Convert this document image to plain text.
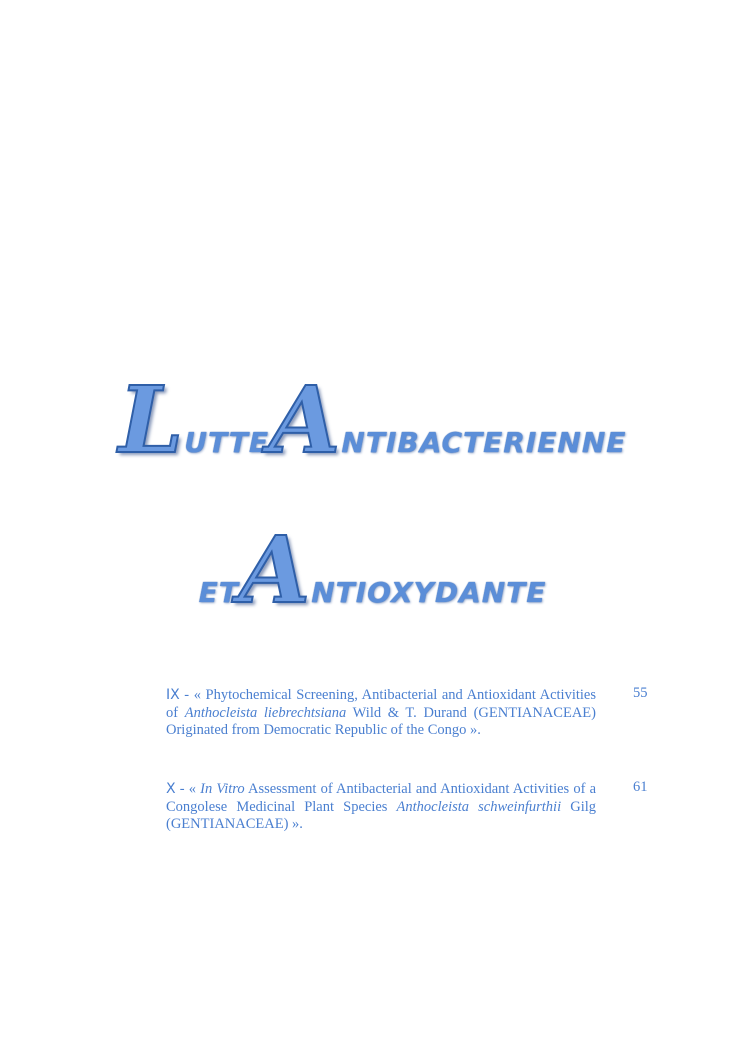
LUTTEANTIBACTERIENNE
ETANTIOXYDANTE
IX - « Phytochemical Screening, Antibacterial and Antioxidant Activities of Anthocleista liebrechtsiana Wild & T. Durand (GENTIANACEAE) Originated from Democratic Republic of the Congo ».
55
X - « In Vitro Assessment of Antibacterial and Antioxidant Activities of a Congolese Medicinal Plant Species Anthocleista schweinfurthii Gilg (GENTIANACEAE) ».
61
